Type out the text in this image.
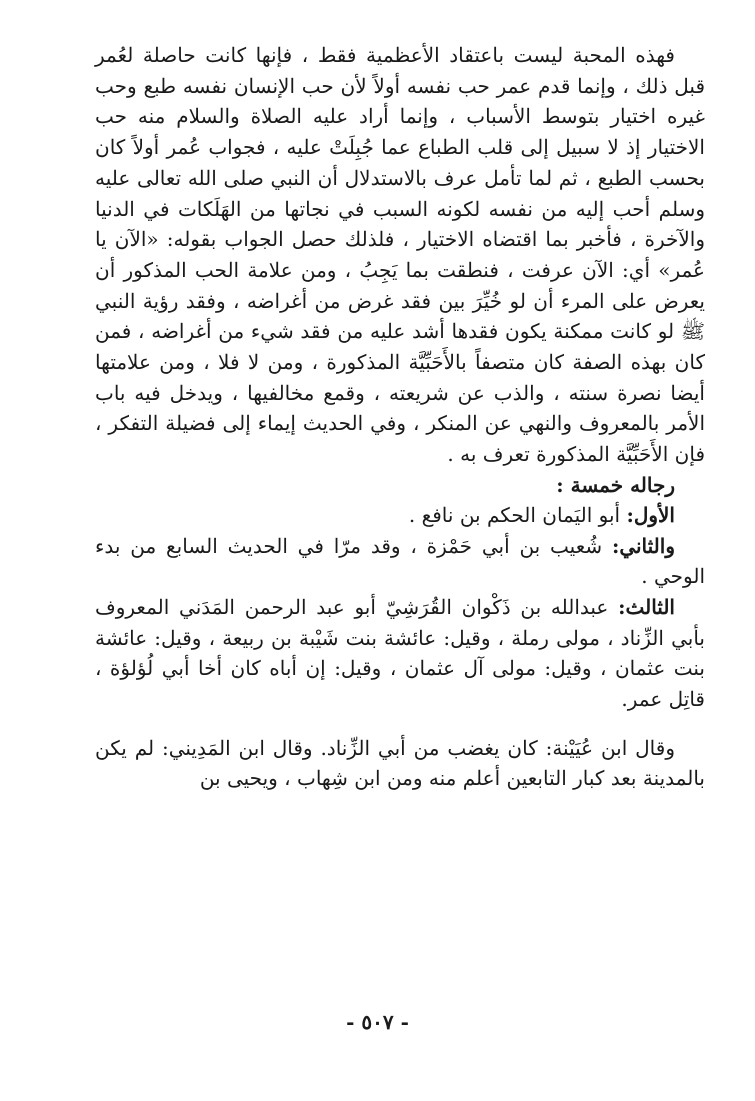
فهذه المحبة ليست باعتقاد الأعظمية فقط ، فإنها كانت حاصلة لعُمر قبل ذلك ، وإنما قدم عمر حب نفسه أولاً لأن حب الإنسان نفسه طبع وحب غيره اختيار بتوسط الأسباب ، وإنما أراد عليه الصلاة والسلام منه حب الاختيار إذ لا سبيل إلى قلب الطباع عما جُبِلَتْ عليه ، فجواب عُمر أولاً كان بحسب الطبع ، ثم لما تأمل عرف بالاستدلال أن النبي صلى الله تعالى عليه وسلم أحب إليه من نفسه لكونه السبب في نجاتها من الهَلَكات في الدنيا والآخرة ، فأخبر بما اقتضاه الاختيار ، فلذلك حصل الجواب بقوله: «الآن يا عُمر» أي: الآن عرفت ، فنطقت بما يَجِبُ ، ومن علامة الحب المذكور أن يعرض على المرء أن لو خُيِّرَ بين فقد غرض من أغراضه ، وفقد رؤية النبي ﷺ لو كانت ممكنة يكون فقدها أشد عليه من فقد شيء من أغراضه ، فمن كان بهذه الصفة كان متصفاً بالأَحَبِّيَّة المذكورة ، ومن لا فلا ، ومن علامتها أيضا نصرة سنته ، والذب عن شريعته ، وقمع مخالفيها ، ويدخل فيه باب الأمر بالمعروف والنهي عن المنكر ، وفي الحديث إيماء إلى فضيلة التفكر ، فإن الأَحَبِّيَّة المذكورة تعرف به .

رجاله خمسة :

الأول: أبو اليَمان الحكم بن نافع .

والثاني: شُعيب بن أبي حَمْزة ، وقد مرّا في الحديث السابع من بدء الوحي .

الثالث: عبدالله بن ذَكْوان القُرَشِيّ أبو عبد الرحمن المَدَني المعروف بأبي الزِّناد ، مولى رملة ، وقيل: عائشة بنت شَيْبة بن ربيعة ، وقيل: عائشة بنت عثمان ، وقيل: مولى آل عثمان ، وقيل: إن أباه كان أخا أبي لُؤلؤة ، قاتِل عمر.

وقال ابن عُيَيْنة: كان يغضب من أبي الزِّناد. وقال ابن المَدِيني: لم يكن بالمدينة بعد كبار التابعين أعلم منه ومن ابن شِهاب ، ويحيى بن

- ٥٠٧ -
